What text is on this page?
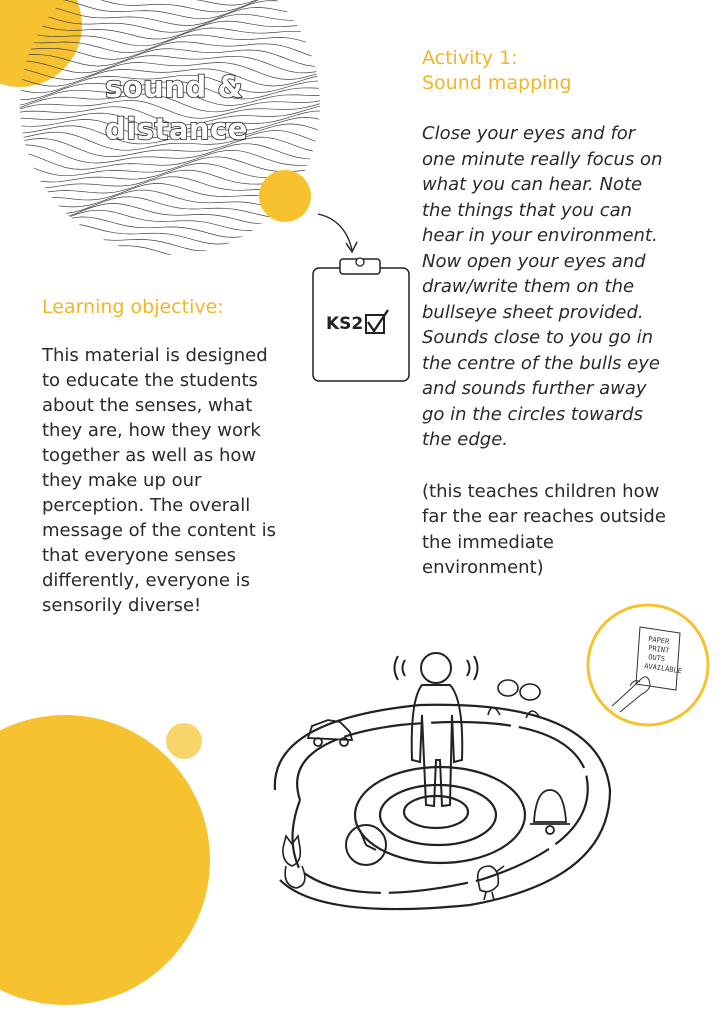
PAPER
PRINT
OUTS
AVAILABLE
sound &
distance
KS2
Learning objective:
This material is designed
to educate the students
about the senses, what
they are, how they work
together as well as how
they make up our
perception. The overall
message of the content is
that everyone senses
differently, everyone is
sensorily diverse!
Activity 1:
Sound mapping
Close your eyes and for
one minute really focus on
what you can hear. Note
the things that you can
hear in your environment.
Now open your eyes and
draw/write them on the
bullseye sheet provided.
Sounds close to you go in
the centre of the bulls eye
and sounds further away
go in the circles towards
the edge.
(this teaches children how
far the ear reaches outside
the immediate
environment)
